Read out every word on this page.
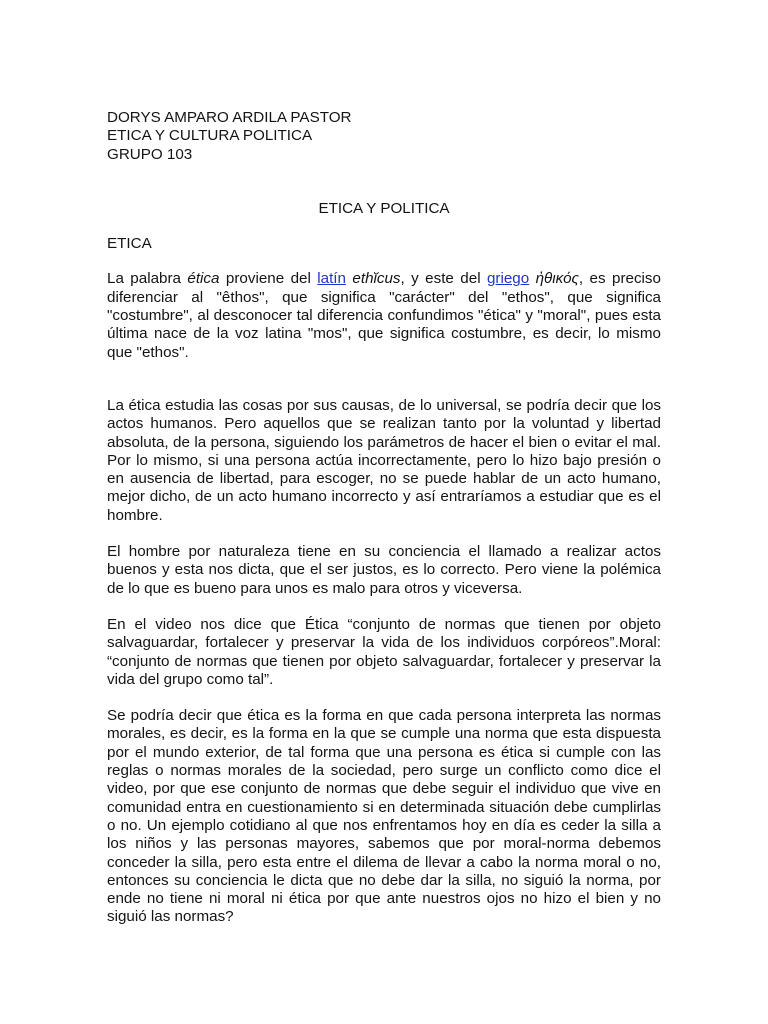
DORYS AMPARO ARDILA PASTOR
ETICA Y CULTURA POLITICA
GRUPO 103
ETICA Y POLITICA
ETICA

La palabra ética proviene del latín ethĭcus, y este del griego ἠθικός, es preciso diferenciar al "êthos", que significa "carácter" del "ethos", que significa "costumbre", al desconocer tal diferencia confundimos "ética" y "moral", pues esta última nace de la voz latina "mos", que significa costumbre, es decir, lo mismo que "ethos".

La ética estudia las cosas por sus causas, de lo universal, se podría decir que los actos humanos. Pero aquellos que se realizan tanto por la voluntad y libertad absoluta, de la persona, siguiendo los parámetros de hacer el bien o evitar el mal. Por lo mismo, si una persona actúa incorrectamente, pero lo hizo bajo presión o en ausencia de libertad, para escoger, no se puede hablar de un acto humano, mejor dicho, de un acto humano incorrecto y así entraríamos a estudiar que es el hombre.

El hombre por naturaleza tiene en su conciencia el llamado a realizar actos buenos y esta nos dicta, que el ser justos, es lo correcto. Pero viene la polémica de lo que es bueno para unos es malo para otros y viceversa.

En el video nos dice que Ética “conjunto de normas que tienen por objeto salvaguardar, fortalecer y preservar la vida de los individuos corpóreos”.Moral: “conjunto de normas que tienen por objeto salvaguardar, fortalecer y preservar la vida del grupo como tal”.

Se podría decir que ética es la forma en que cada persona interpreta las normas morales, es decir, es la forma en la que se cumple una norma que esta dispuesta por el mundo exterior, de tal forma que una persona es ética si cumple con las reglas o normas morales de la sociedad, pero surge un conflicto como dice el video, por que ese conjunto de normas que debe seguir el individuo que vive en comunidad entra en cuestionamiento si en determinada situación debe cumplirlas o no. Un ejemplo cotidiano al que nos enfrentamos hoy en día es ceder la silla a los niños y las personas mayores, sabemos que por moral-norma debemos conceder la silla, pero esta entre el dilema de llevar a cabo la norma moral o no, entonces su conciencia le dicta que no debe dar la silla, no siguió la norma, por ende no tiene ni moral ni ética por que ante nuestros ojos no hizo el bien y no siguió las normas?
